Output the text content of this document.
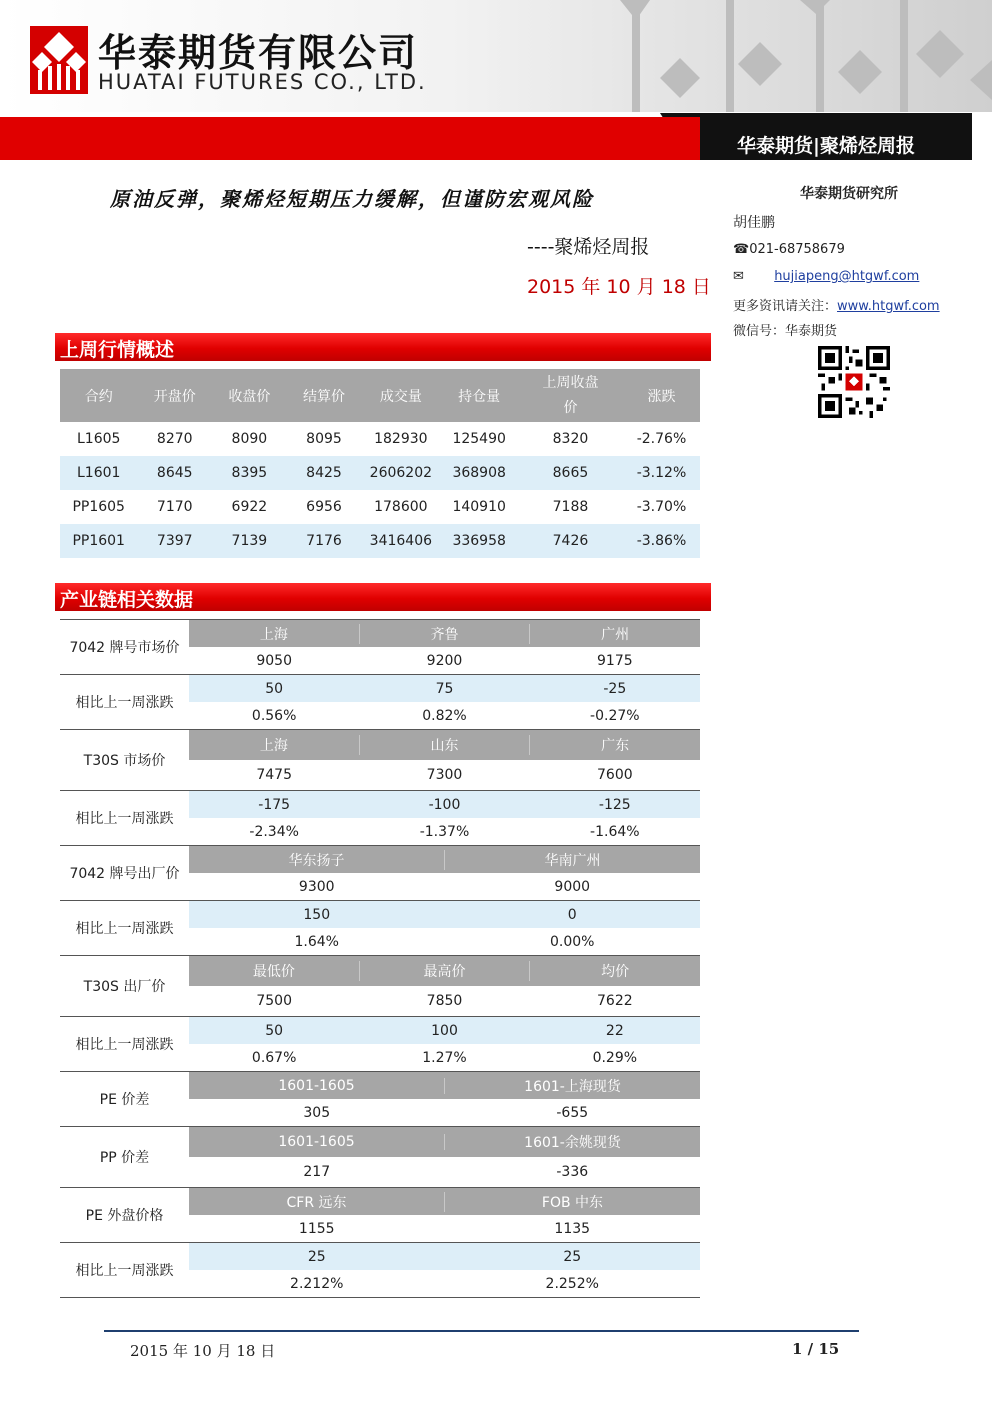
华泰期货有限公司
HUATAI FUTURES CO., LTD.
华泰期货|聚烯烃周报
原油反弹，聚烯烃短期压力缓解，但谨防宏观风险
----聚烯烃周报
2015 年 10 月 18 日
华泰期货研究所
胡佳鹏
☎021-68758679
✉ hujiapeng@htgwf.com
更多资讯请关注：www.htgwf.com
微信号：华泰期货
上周行情概述
合约	开盘价	收盘价	结算价	成交量	持仓量	上周收盘价	涨跌
L1605	8270	8090	8095	182930	125490	8320	-2.76%
L1601	8645	8395	8425	2606202	368908	8665	-3.12%
PP1605	7170	6922	6956	178600	140910	7188	-3.70%
PP1601	7397	7139	7176	3416406	336958	7426	-3.86%
产业链相关数据
7042 牌号市场价
上海	齐鲁	广州
9050	9200	9175
相比上一周涨跌
50	75	-25
0.56%	0.82%	-0.27%
T30S 市场价
上海	山东	广东
7475	7300	7600
相比上一周涨跌
-175	-100	-125
-2.34%	-1.37%	-1.64%
7042 牌号出厂价
华东扬子	华南广州
9300	9000
相比上一周涨跌
150	0
1.64%	0.00%
T30S 出厂价
最低价	最高价	均价
7500	7850	7622
相比上一周涨跌
50	100	22
0.67%	1.27%	0.29%
PE 价差
1601-1605	1601-上海现货
305	-655
PP 价差
1601-1605	1601-余姚现货
217	-336
PE 外盘价格
CFR 远东	FOB 中东
1155	1135
相比上一周涨跌
25	25
2.212%	2.252%
2015 年 10 月 18 日	1 / 15
